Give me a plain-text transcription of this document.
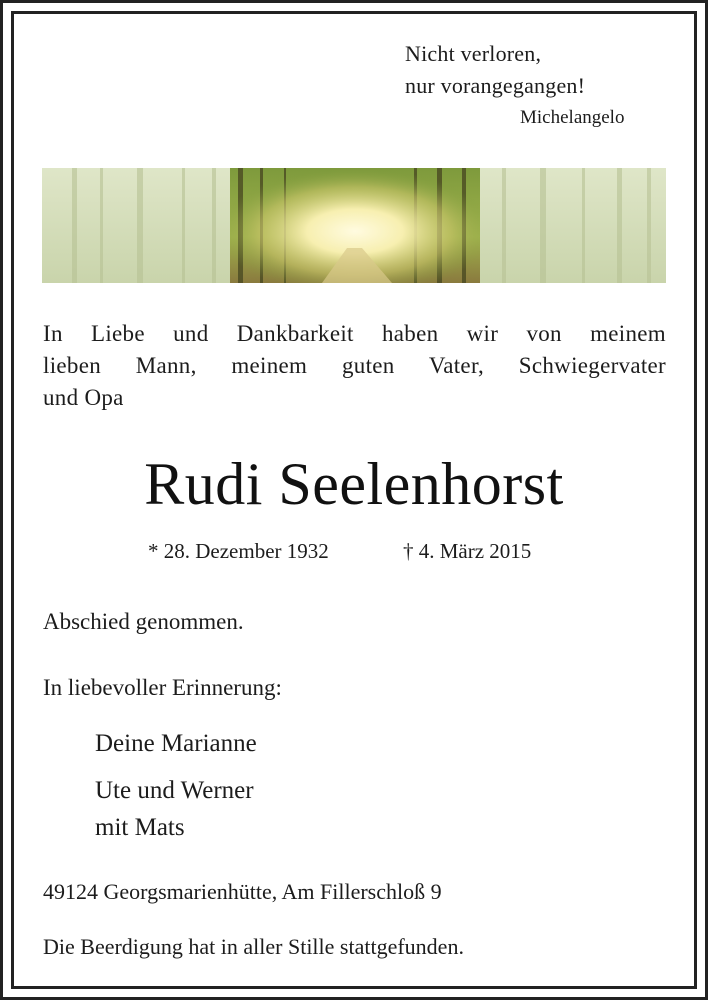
Nicht verloren,
nur vorangegangen!
Michelangelo
In Liebe und Dankbarkeit haben wir von meinem
lieben Mann, meinem guten Vater, Schwiegervater
und Opa
Rudi Seelenhorst
* 28. Dezember 1932	† 4. März 2015
Abschied genommen.
In liebevoller Erinnerung:
Deine Marianne
Ute und Werner
mit Mats
49124 Georgsmarienhütte, Am Fillerschloß 9
Die Beerdigung hat in aller Stille stattgefunden.
